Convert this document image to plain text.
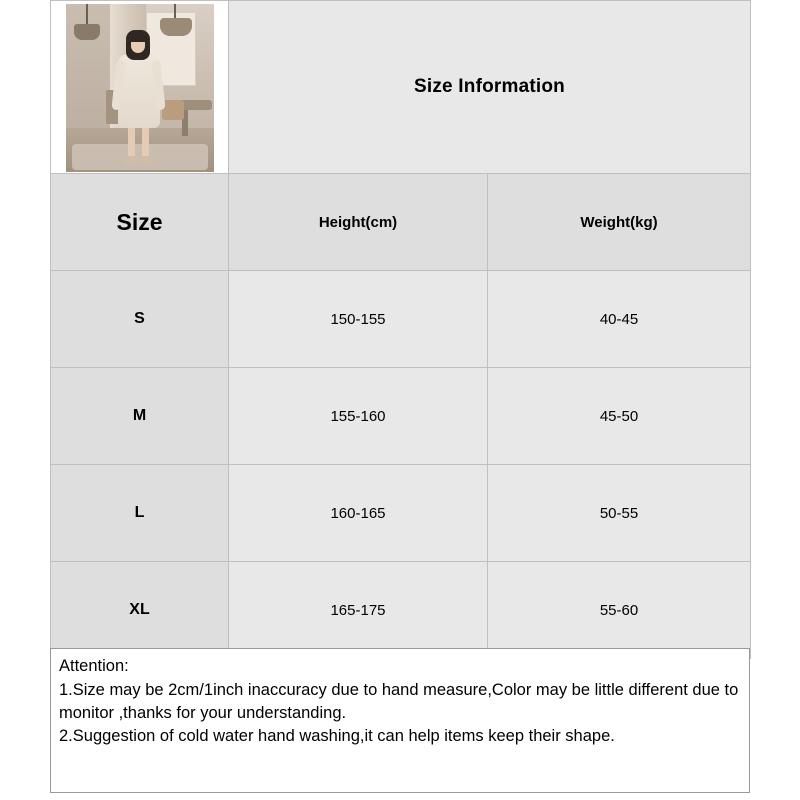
	Size Information	
Size	Height(cm)	Weight(kg)
S	150-155	40-45
M	155-160	45-50
L	160-165	50-55
XL	165-175	55-60

Attention:

1.Size may be 2cm/1inch inaccuracy due to hand measure,Color may be little different due to monitor ,thanks for your understanding.

2.Suggestion of cold water hand washing,it can help items keep their shape.
